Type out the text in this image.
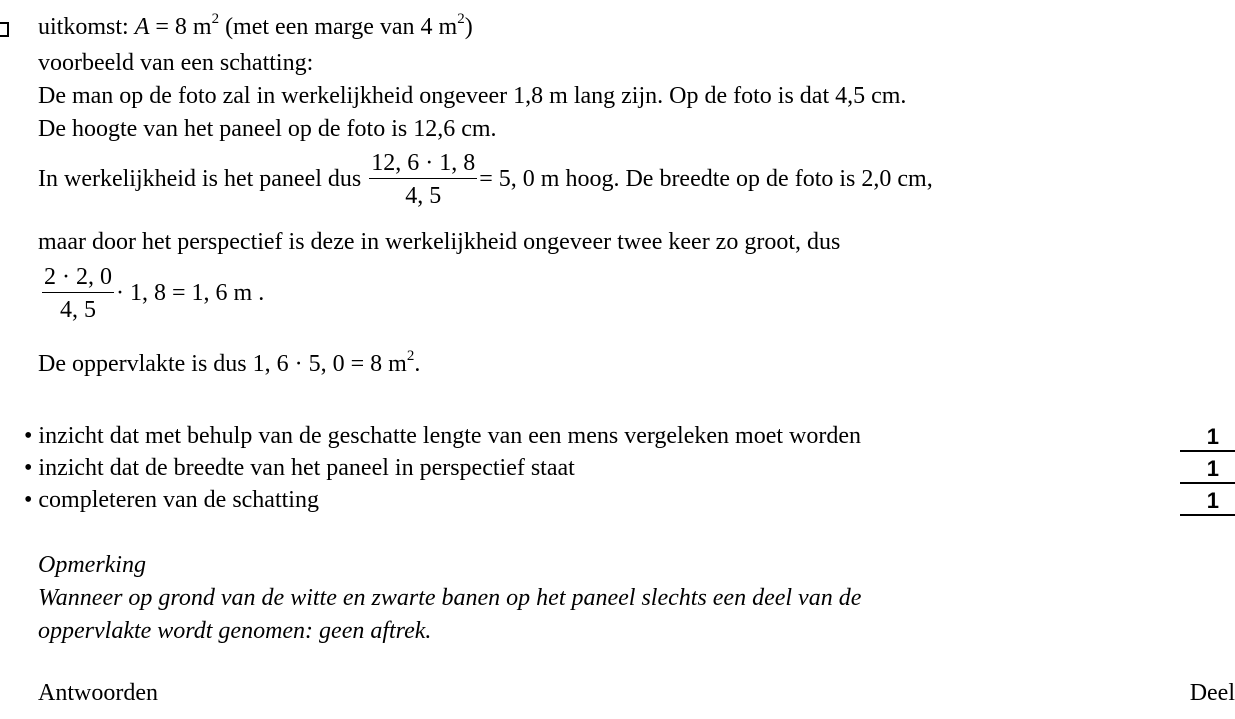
uitkomst: A = 8 $m^2$ (met een marge van 4 $m^2$)
voorbeeld van een schatting:
De man op de foto zal in werkelijkheid ongeveer 1,8 m lang zijn. Op de foto is dat 4,5 cm.
De hoogte van het paneel op de foto is 12,6 cm.
In werkelijkheid is het paneel dus $\frac{12, 6 \cdot 1, 8}{4, 5} = 5$, 0 m hoog. De breedte op de foto is 2,0 cm,
maar door het perspectief is deze in werkelijkheid ongeveer twee keer zo groot, dus
$\frac{2 \cdot 2, 0}{4, 5} \cdot 1$, 8 = 1, 6 m .
De oppervlakte is dus 1, 6 · 5, 0 = 8 $m^2$.
• inzicht dat met behulp van de geschatte lengte van een mens vergeleken moet worden	1
• inzicht dat de breedte van het paneel in perspectief staat	1
• completeren van de schatting	1
Opmerking
Wanneer op grond van de witte en zwarte banen op het paneel slechts een deel van de
oppervlakte wordt genomen: geen aftrek.
Antwoorden	Deel
